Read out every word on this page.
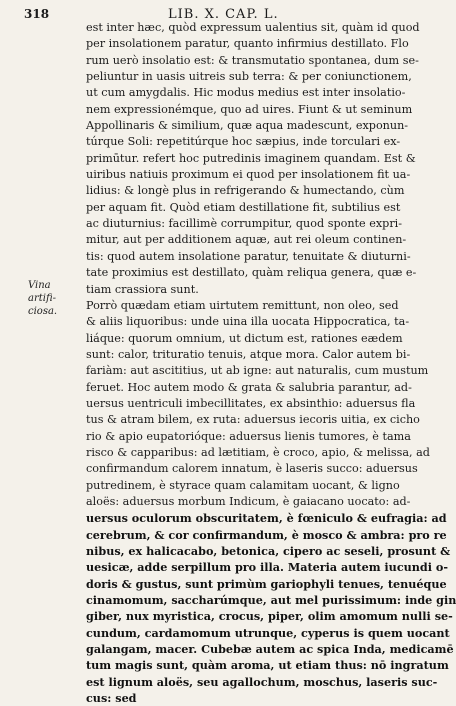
318	LIB. X. CAP. L.
Vina artifi-
ciosa.
est inter hæc, quòd expressum ualentius sit, quàm id quod
per insolationem paratur, quanto infirmius destillato. Flo
rum uerò insolatio est: & transmutatio spontanea, dum se-
peliuntur in uasis uitreis sub terra: & per coniunctionem,
ut cum amygdalis. Hic modus medius est inter insolatio-
nem expressionémque, quo ad uires. Fiunt & ut seminum
Appollinaris & similium, quæ aqua madescunt, exponun-
túrque Soli: repetitúrque hoc sæpius, inde torculari ex-
primūtur. refert hoc putredinis imaginem quandam. Est &
uiribus natiuis proximum ei quod per insolationem fit ua-
lidius: & longè plus in refrigerando & humectando, cùm
per aquam fit. Quòd etiam destillatione fit, subtilius est
ac diuturnius: facillimè corrumpitur, quod sponte expri-
mitur, aut per additionem aquæ, aut rei oleum continen-
tis: quod autem insolatione paratur, tenuitate & diuturni-
tate proximius est destillato, quàm reliqua genera, quæ e-
tiam crassiora sunt.
Porrò quædam etiam uirtutem remittunt, non oleo, sed
& aliis liquoribus: unde uina illa uocata Hippocratica, ta-
liáque: quorum omnium, ut dictum est, rationes eædem
sunt: calor, trituratio tenuis, atque mora. Calor autem bi-
fariàm: aut ascititius, ut ab igne: aut naturalis, cum mustum
feruet. Hoc autem modo & grata & salubria parantur, ad-
uersus uentriculi imbecillitates, ex absinthio: aduersus fla
tus & atram bilem, ex ruta: aduersus iecoris uitia, ex cicho
rio & apio eupatorióque: aduersus lienis tumores, è tama
risco & capparibus: ad lætitiam, è croco, apio, & melissa, ad
confirmandum calorem innatum, è laseris succo: aduersus
putredinem, è styrace quam calamitam uocant, & ligno
aloës: aduersus morbum Indicum, è gaiacano uocato: ad-
uersus oculorum obscuritatem, è fœniculo & eufragia: ad
cerebrum, & cor confirmandum, è mosco & ambra: pro re
nibus, ex halicacabo, betonica, cipero ac seseli, prosunt &
uesicæ, adde serpillum pro illa. Materia autem iucundi o-
doris & gustus, sunt primùm gariophyli tenues, tenuéque
cinamomum, saccharúmque, aut mel purissimum: inde gin
giber, nux myristica, crocus, piper, olim amomum nulli se-
cundum, cardamomum utrunque, cyperus is quem uocant
galangam, macer. Cubebæ autem ac spica Inda, medicamē
tum magis sunt, quàm aroma, ut etiam thus: nō ingratum
est lignum aloës, seu agallochum, moschus, laseris suc-
cus: sed
